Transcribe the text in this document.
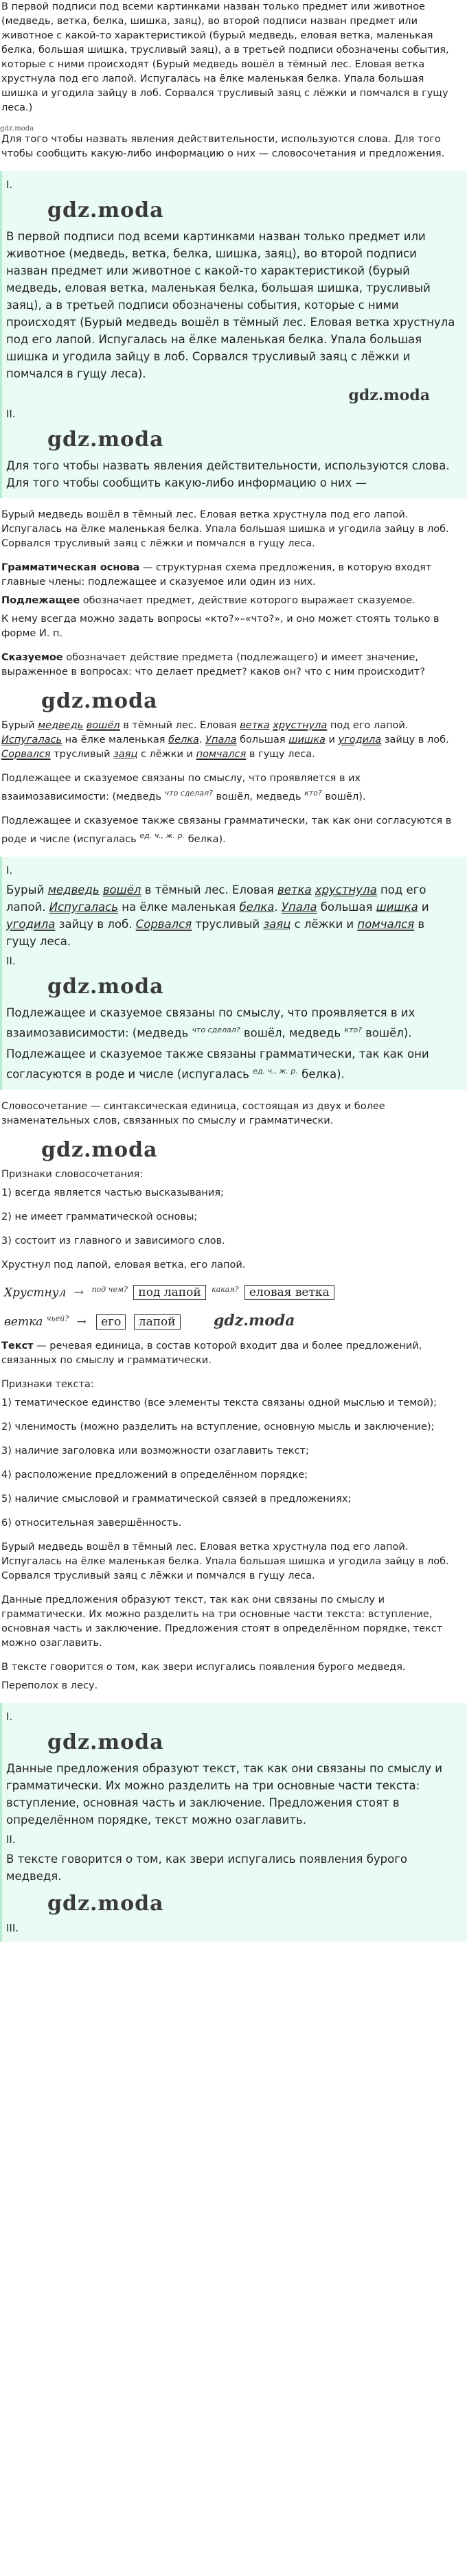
В первой подписи под всеми картинками назван только предмет или животное (медведь, ветка, белка, шишка, заяц), во второй подписи назван предмет или животное с какой-то характеристикой (бурый медведь, еловая ветка, маленькая белка, большая шишка, трусливый заяц), а в третьей подписи обозначены события, которые с ними происходят (Бурый медведь вошёл в тёмный лес. Еловая ветка хрустнула под его лапой. Испугалась на ёлке маленькая белка. Упала большая шишка и угодила зайцу в лоб. Сорвался трусливый заяц с лёжки и помчался в гущу леса.)

gdz.moda

Для того чтобы назвать явления действительности, используются слова. Для того чтобы сообщить какую-либо информацию о них — словосочетания и предложения.

I.
gdz.moda

В первой подписи под всеми картинками назван только предмет или животное (медведь, ветка, белка, шишка, заяц), во второй подписи назван предмет или животное с какой-то характеристикой (бурый медведь, еловая ветка, маленькая белка, большая шишка, трусливый заяц), а в третьей подписи обозначены события, которые с ними происходят (Бурый медведь вошёл в тёмный лес. Еловая ветка хрустнула под его лапой. Испугалась на ёлке маленькая белка. Упала большая шишка и угодила зайцу в лоб. Сорвался трусливый заяц с лёжки и помчался в гущу леса).

gdz.moda
II.
gdz.moda

Для того чтобы назвать явления действительности, используются слова. Для того чтобы сообщить какую-либо информацию о них —

Бурый медведь вошёл в тёмный лес. Еловая ветка хрустнула под его лапой. Испугалась на ёлке маленькая белка. Упала большая шишка и угодила зайцу в лоб. Сорвался трусливый заяц с лёжки и помчался в гущу леса.

Грамматическая основа — структурная схема предложения, в которую входят главные члены: подлежащее и сказуемое или один из них.

Подлежащее обозначает предмет, действие которого выражает сказуемое.

К нему всегда можно задать вопросы «кто?»–«что?», и оно может стоять только в форме И. п.

Сказуемое обозначает действие предмета (подлежащего) и имеет значение, выраженное в вопросах: что делает предмет? каков он? что с ним происходит?

gdz.moda

Бурый медведь вошёл в тёмный лес. Еловая ветка хрустнула под его лапой. Испугалась на ёлке маленькая белка. Упала большая шишка и угодила зайцу в лоб. Сорвался трусливый заяц с лёжки и помчался в гущу леса.

Подлежащее и сказуемое связаны по смыслу, что проявляется в их взаимозависимости: (медведь $^{что сделал?}$ вошёл, медведь $^{кто?}$ вошёл).

Подлежащее и сказуемое также связаны грамматически, так как они согласуются в роде и числе (испугалась $^{ед. ч., ж. р.}$ белка).

I.

Бурый медведь вошёл в тёмный лес. Еловая ветка хрустнула под его лапой. Испугалась на ёлке маленькая белка. Упала большая шишка и угодила зайцу в лоб. Сорвался трусливый заяц с лёжки и помчался в гущу леса.

II.
gdz.moda

Подлежащее и сказуемое связаны по смыслу, что проявляется в их взаимозависимости: (медведь $^{что сделал?}$ вошёл, медведь $^{кто?}$ вошёл).

Подлежащее и сказуемое также связаны грамматически, так как они согласуются в роде и числе (испугалась $^{ед. ч., ж. р.}$ белка).

Словосочетание — синтаксическая единица, состоящая из двух и более знаменательных слов, связанных по смыслу и грамматически.

gdz.moda

Признаки словосочетания:

1) всегда является частью высказывания;

2) не имеет грамматической основы;

3) состоит из главного и зависимого слов.

Хрустнул под лапой, еловая ветка, его лапой.

Хрустнул → $^{под чем?}$ под лапой $^{какая?}$ еловая ветка
ветка $^{чьей?}$ → его лапой	gdz.moda

Текст — речевая единица, в состав которой входит два и более предложений, связанных по смыслу и грамматически.

Признаки текста:

1) тематическое единство (все элементы текста связаны одной мыслью и темой);

2) членимость (можно разделить на вступление, основную мысль и заключение);

3) наличие заголовка или возможности озаглавить текст;

4) расположение предложений в определённом порядке;

5) наличие смысловой и грамматической связей в предложениях;

6) относительная завершённость.

Бурый медведь вошёл в тёмный лес. Еловая ветка хрустнула под его лапой. Испугалась на ёлке маленькая белка. Упала большая шишка и угодила зайцу в лоб. Сорвался трусливый заяц с лёжки и помчался в гущу леса.

Данные предложения образуют текст, так как они связаны по смыслу и грамматически. Их можно разделить на три основные части текста: вступление, основная часть и заключение. Предложения стоят в определённом порядке, текст можно озаглавить.

В тексте говорится о том, как звери испугались появления бурого медведя.

Переполох в лесу.

I.
gdz.moda

Данные предложения образуют текст, так как они связаны по смыслу и грамматически. Их можно разделить на три основные части текста: вступление, основная часть и заключение. Предложения стоят в определённом порядке, текст можно озаглавить.

II.

В тексте говорится о том, как звери испугались появления бурого медведя.

gdz.moda
III.
